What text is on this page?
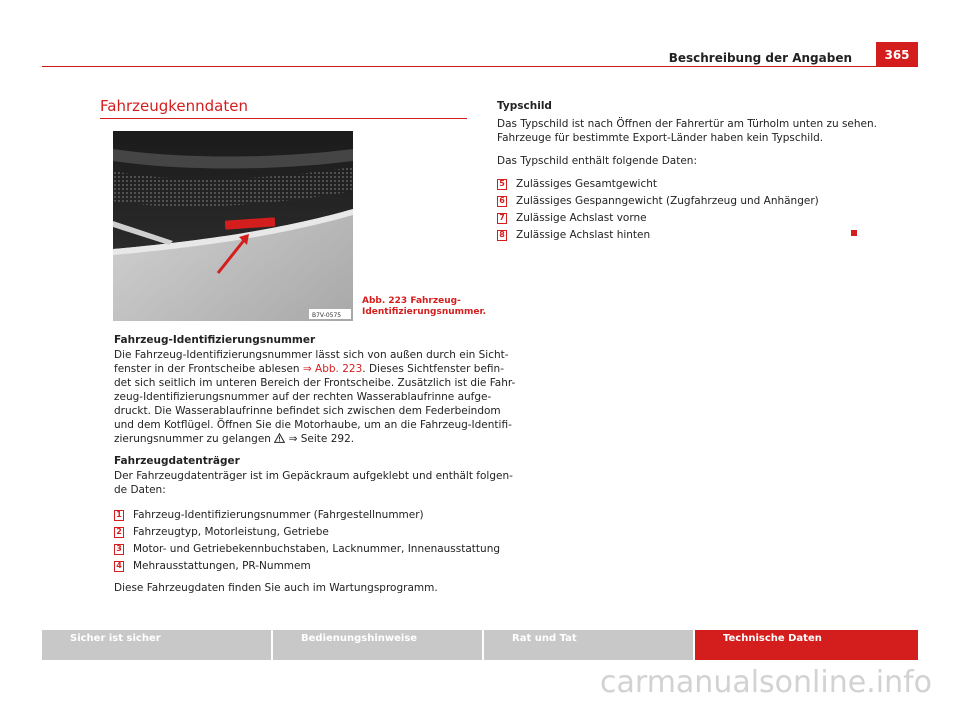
Beschreibung der Angaben	365
Fahrzeugkenndaten
B7V-0575
Abb. 223 Fahrzeug-Identifizierungsnummer.
Fahrzeug-Identifizierungsnummer
Die Fahrzeug-Identifizierungsnummer lässt sich von außen durch ein Sicht-
fenster in der Frontscheibe ablesen ⇒ Abb. 223. Dieses Sichtfenster befin-
det sich seitlich im unteren Bereich der Frontscheibe. Zusätzlich ist die Fahr-
zeug-Identifizierungsnummer auf der rechten Wasserablaufrinne aufge-
druckt. Die Wasserablaufrinne befindet sich zwischen dem Federbeindom
und dem Kotflügel. Öffnen Sie die Motorhaube, um an die Fahrzeug-Identifi-
zierungsnummer zu gelangen  ⇒ Seite 292.
Fahrzeugdatenträger
Der Fahrzeugdatenträger ist im Gepäckraum aufgeklebt und enthält folgen-
de Daten:
1 Fahrzeug-Identifizierungsnummer (Fahrgestellnummer)
2 Fahrzeugtyp, Motorleistung, Getriebe
3 Motor- und Getriebekennbuchstaben, Lacknummer, Innenausstattung
4 Mehrausstattungen, PR-Nummem
Diese Fahrzeugdaten finden Sie auch im Wartungsprogramm.
Typschild
Das Typschild ist nach Öffnen der Fahrertür am Türholm unten zu sehen.
Fahrzeuge für bestimmte Export-Länder haben kein Typschild.
Das Typschild enthält folgende Daten:
5 Zulässiges Gesamtgewicht
6 Zulässiges Gespanngewicht (Zugfahrzeug und Anhänger)
7 Zulässige Achslast vorne
8 Zulässige Achslast hinten
Sicher ist sicher	Bedienungshinweise	Rat und Tat	Technische Daten
carmanualsonline.info
